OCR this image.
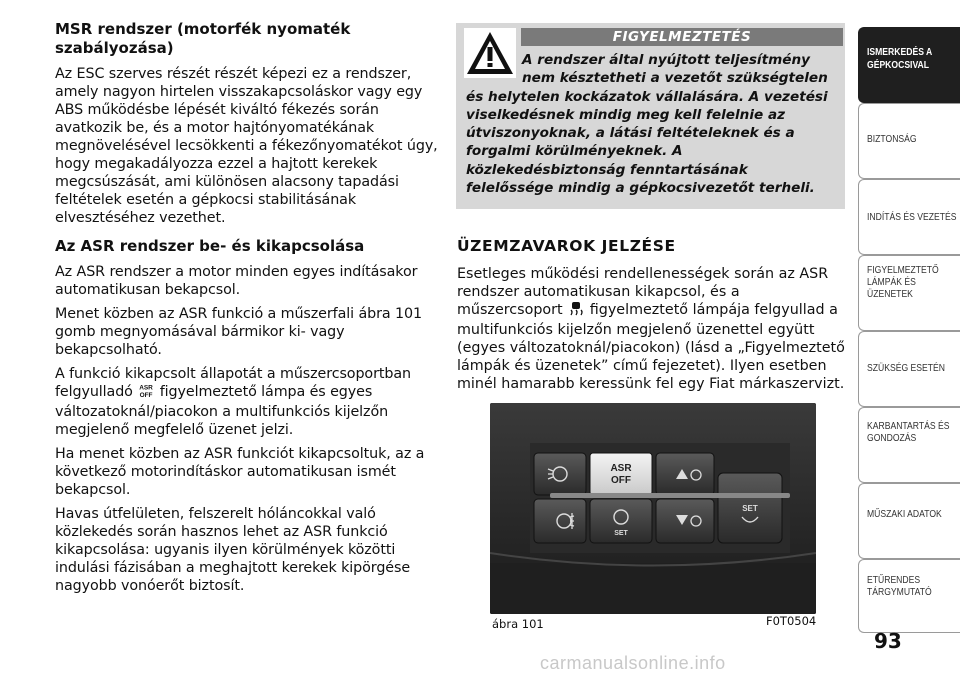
MSR rendszer (motorfék nyomaték szabályozása)

Az ESC szerves részét részét képezi ez a rendszer, amely nagyon hirtelen visszakapcsoláskor vagy egy ABS működésbe lépését kiváltó fékezés során avatkozik be, és a motor hajtónyomatékának megnövelésével lecsökkenti a fékezőnyomatékot úgy, hogy megakadályozza ezzel a hajtott kerekek megcsúszását, ami különösen alacsony tapadási feltételek esetén a gépkocsi stabilitásának elvesztéséhez vezethet.

Az ASR rendszer be- és kikapcsolása

Az ASR rendszer a motor minden egyes indításakor automatikusan bekapcsol.

Menet közben az ASR funkció a műszerfali ábra 101 gomb megnyomásával bármikor ki- vagy bekapcsolható.

A funkció kikapcsolt állapotát a műszercsoportban felgyulladó ASR
OFF figyelmeztető lámpa és egyes változatoknál/piacokon a multifunkciós kijelzőn megjelenő megfelelő üzenet jelzi.

Ha menet közben az ASR funkciót kikapcsoltuk, az a következő motorindításkor automatikusan ismét bekapcsol.

Havas útfelületen, felszerelt hóláncokkal való közlekedés során hasznos lehet az ASR funkció kikapcsolása: ugyanis ilyen körülmények közötti indulási fázisában a meghajtott kerekek kipörgése nagyobb vonóerőt biztosít.

FIGYELMEZTETÉS
A rendszer által nyújtott teljesítmény
nem késztetheti a vezetőt szükségtelen
és helytelen kockázatok vállalására. A vezetési viselkedésnek mindig meg kell felelnie az útviszonyoknak, a látási feltételeknek és a forgalmi körülményeknek. A közlekedésbiztonság fenntartásának felelőssége mindig a gépkocsivezetőt terheli.
ÜZEMZAVAROK JELZÉSE

Esetleges működési rendellenességek során az ASR rendszer automatikusan kikapcsol, és a műszercsoport figyelmeztető lámpája felgyullad a multifunkciós kijelzőn megjelenő üzenettel együtt (egyes változatoknál/piacokon) (lásd a „Figyelmeztető lámpák és üzenetek” című fejezetet). Ilyen esetben minél hamarabb keressünk fel egy Fiat márkaszervizt.

ASR
OFF
SET
SET
ábra 101	F0T0504
ISMERKEDÉS A
GÉPKOCSIVAL
BIZTONSÁG
INDÍTÁS ÉS VEZETÉS
FIGYELMEZTETŐ
LÁMPÁK ÉS
ÜZENETEK
SZÜKSÉG ESETÉN
KARBANTARTÁS ÉS
GONDOZÁS
MŰSZAKI ADATOK
ETŰRENDES
TÁRGYMUTATÓ
93
carmanualsonline.info
